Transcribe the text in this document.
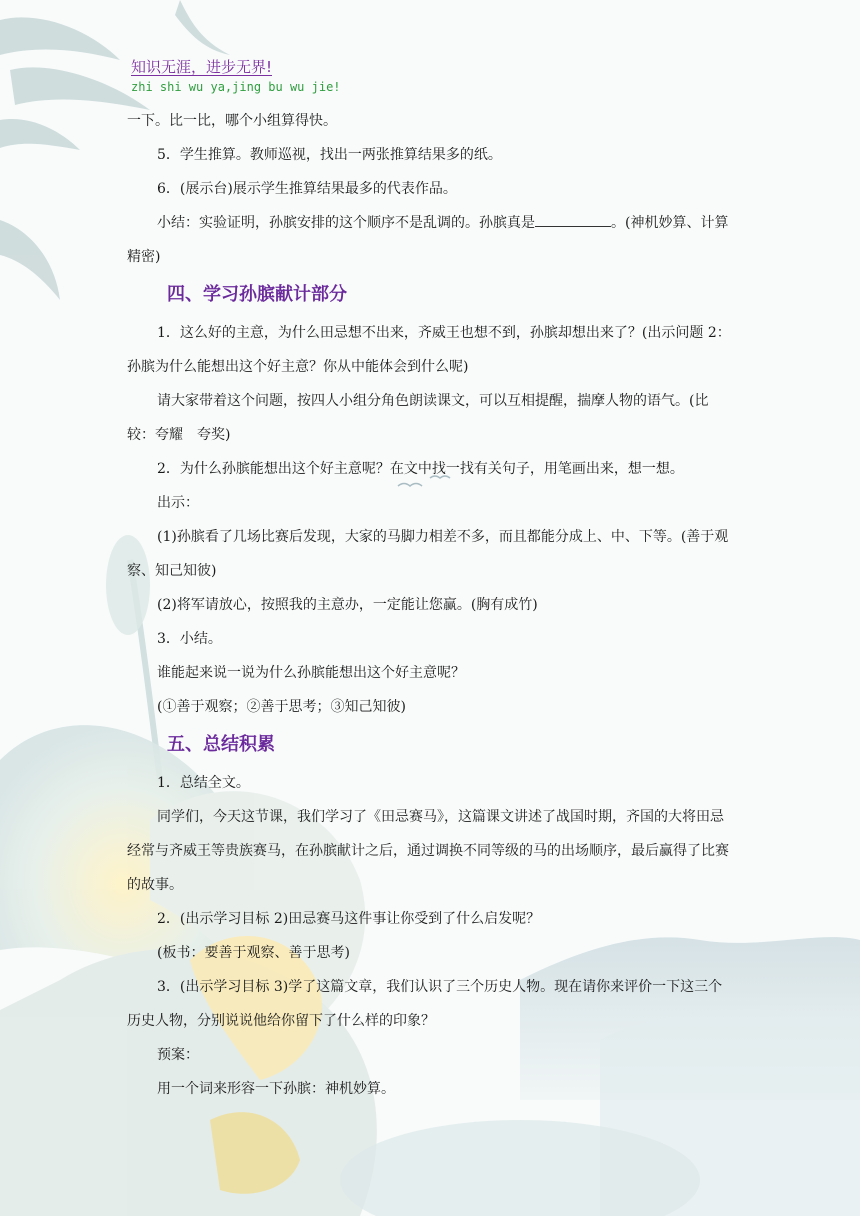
知识无涯，进步无界!
zhi shi wu ya,jing bu wu jie!

一下。比一比，哪个小组算得快。

5．学生推算。教师巡视，找出一两张推算结果多的纸。

6．(展示台)展示学生推算结果最多的代表作品。

小结：实验证明，孙膑安排的这个顺序不是乱调的。孙膑真是	。(神机妙算、计算精密)

四、学习孙膑献计部分

1．这么好的主意，为什么田忌想不出来，齐威王也想不到，孙膑却想出来了？(出示问题 2：孙膑为什么能想出这个好主意？你从中能体会到什么呢)

请大家带着这个问题，按四人小组分角色朗读课文，可以互相提醒，揣摩人物的语气。(比较：夸耀　夸奖)

2．为什么孙膑能想出这个好主意呢？在文中找一找有关句子，用笔画出来，想一想。

出示：

(1)孙膑看了几场比赛后发现，大家的马脚力相差不多，而且都能分成上、中、下等。(善于观察、知己知彼)

(2)将军请放心，按照我的主意办，一定能让您赢。(胸有成竹)

3．小结。

谁能起来说一说为什么孙膑能想出这个好主意呢？

(①善于观察；②善于思考；③知己知彼)

五、总结积累

1．总结全文。

同学们，今天这节课，我们学习了《田忌赛马》，这篇课文讲述了战国时期，齐国的大将田忌经常与齐威王等贵族赛马，在孙膑献计之后，通过调换不同等级的马的出场顺序，最后赢得了比赛的故事。

2．(出示学习目标 2)田忌赛马这件事让你受到了什么启发呢？

(板书：要善于观察、善于思考)

3．(出示学习目标 3)学了这篇文章，我们认识了三个历史人物。现在请你来评价一下这三个历史人物，分别说说他给你留下了什么样的印象？

预案：

用一个词来形容一下孙膑：神机妙算。
